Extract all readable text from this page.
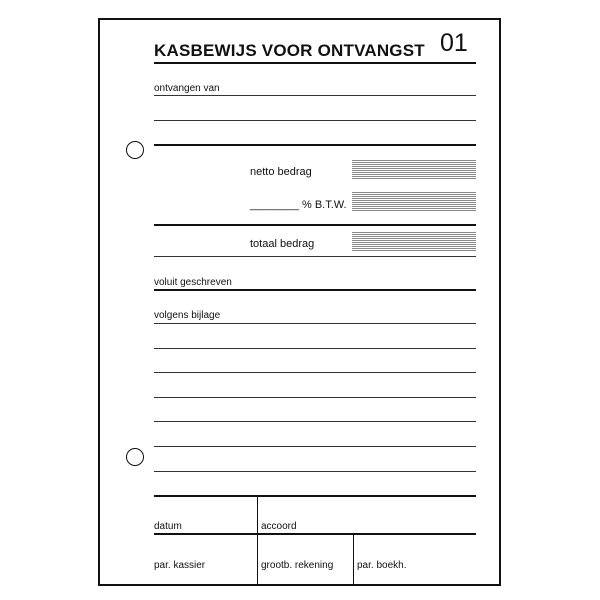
KASBEWIJS VOOR ONTVANGST 01
ontvangen van
netto bedrag
________ % B.T.W.
totaal bedrag
voluit geschreven
volgens bijlage
datum	accoord
par. kassier	grootb. rekening par. boekh.
